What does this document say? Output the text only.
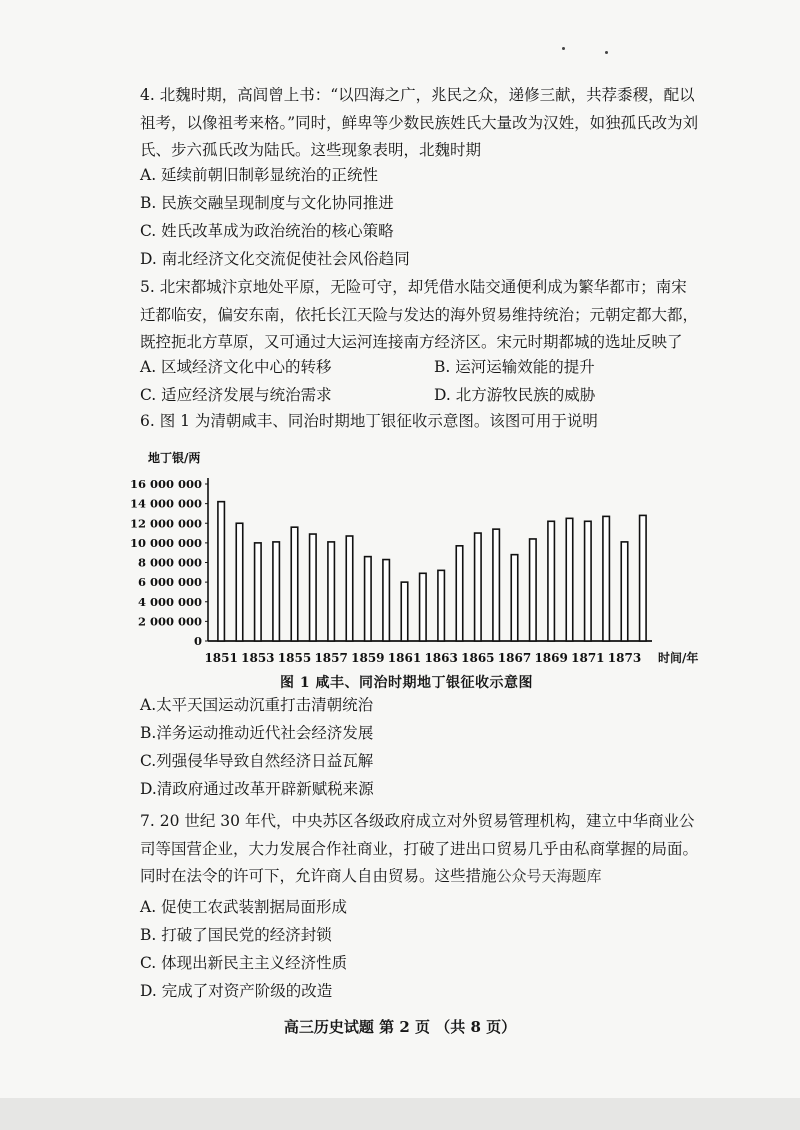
4. 北魏时期，高闾曾上书：“以四海之广，兆民之众，递修三献，共荐黍稷，配以祖考，以像祖考来格。”同时，鲜卑等少数民族姓氏大量改为汉姓，如独孤氏改为刘氏、步六孤氏改为陆氏。这些现象表明，北魏时期
A. 延续前朝旧制彰显统治的正统性
B. 民族交融呈现制度与文化协同推进
C. 姓氏改革成为政治统治的核心策略
D. 南北经济文化交流促使社会风俗趋同
5. 北宋都城汴京地处平原，无险可守，却凭借水陆交通便利成为繁华都市；南宋迁都临安，偏安东南，依托长江天险与发达的海外贸易维持统治；元朝定都大都，既控扼北方草原，又可通过大运河连接南方经济区。宋元时期都城的选址反映了
A. 区域经济文化中心的转移	B. 运河运输效能的提升
C. 适应经济发展与统治需求	D. 北方游牧民族的威胁
6. 图 1 为清朝咸丰、同治时期地丁银征收示意图。该图可用于说明
地丁银/两
0
2 000 000
4 000 000
6 000 000
8 000 000
10 000 000
12 000 000
14 000 000
16 000 000
1851 1853 1855 1857 1859 1861 1863 1865 1867 1869 1871 1873 时间/年
图 1 咸丰、同治时期地丁银征收示意图
A.太平天国运动沉重打击清朝统治
B.洋务运动推动近代社会经济发展
C.列强侵华导致自然经济日益瓦解
D.清政府通过改革开辟新赋税来源
7. 20 世纪 30 年代，中央苏区各级政府成立对外贸易管理机构，建立中华商业公司等国营企业，大力发展合作社商业，打破了进出口贸易几乎由私商掌握的局面。同时在法令的许可下，允许商人自由贸易。这些措施公众号天海题库
A. 促使工农武装割据局面形成
B. 打破了国民党的经济封锁
C. 体现出新民主主义经济性质
D. 完成了对资产阶级的改造
高三历史试题 第 2 页 （共 8 页）
